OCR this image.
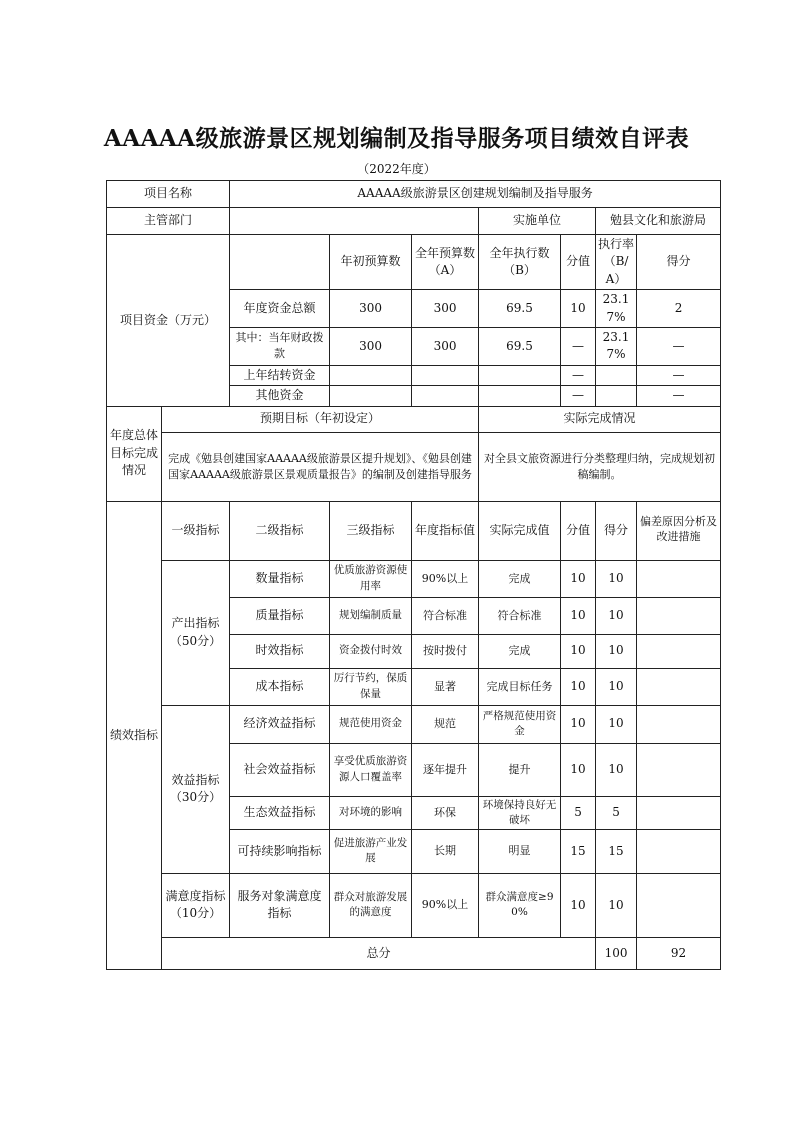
AAAAA级旅游景区规划编制及指导服务项目绩效自评表
（2022年度）
项目名称		AAAAA级旅游景区创建规划编制及指导服务							
主管部门					实施单位		勉县文化和旅游局		
项目资金（万元）			年初预算数	全年预算数（A）	全年执行数（B）	分值	执行率（B/A）	得分	
		年度资金总额	300	300	69.5	10	23.17%	2	
		其中：当年财政拨款	300	300	69.5	—	23.17%	—	
		上年结转资金				—		—	
		其他资金				—		—	
年度总体目标完成情况	预期目标（年初设定）				实际完成情况				
	完成《勉县创建国家AAAAA级旅游景区提升规划》、《勉县创建国家AAAAA级旅游景区景观质量报告》的编制及创建指导服务				对全县文旅资源进行分类整理归纳，完成规划初稿编制。				
绩效指标	一级指标	二级指标	三级指标	年度指标值	实际完成值	分值	得分	偏差原因分析及改进措施	
	产出指标（50分）	数量指标	优质旅游资源使用率	90%以上	完成	10	10		
		质量指标	规划编制质量	符合标准	符合标准	10	10		
		时效指标	资金拨付时效	按时拨付	完成	10	10		
		成本指标	厉行节约，保质保量	显著	完成目标任务	10	10		
	效益指标（30分）	经济效益指标	规范使用资金	规范	严格规范使用资金	10	10		
		社会效益指标	享受优质旅游资源人口覆盖率	逐年提升	提升	10	10		
		生态效益指标	对环境的影响	环保	环境保持良好无破坏	5	5		
		可持续影响指标	促进旅游产业发展	长期	明显	15	15		
	满意度指标（10分）	服务对象满意度指标	群众对旅游发展的满意度	90%以上	群众满意度≥90%	10	10		
	总分						100	92	
